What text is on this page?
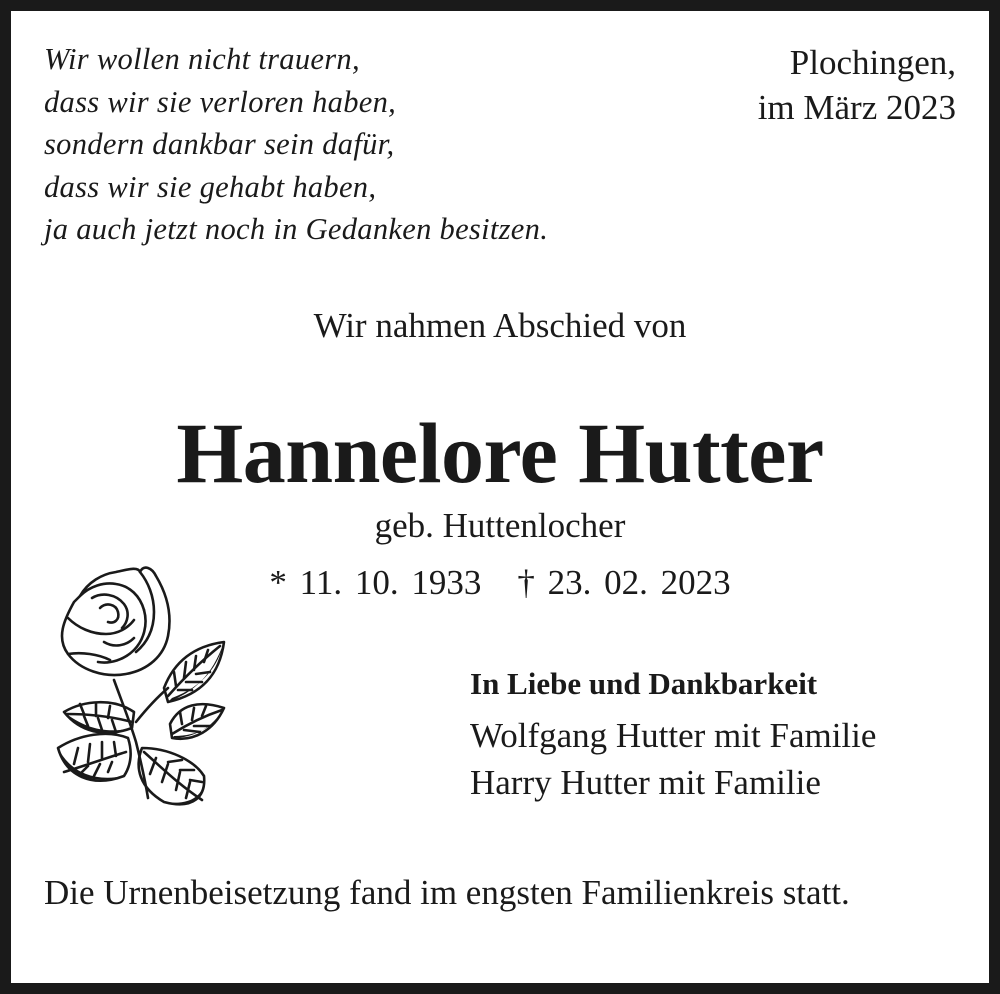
Wir wollen nicht trauern,
dass wir sie verloren haben,
sondern dankbar sein dafür,
dass wir sie gehabt haben,
ja auch jetzt noch in Gedanken besitzen.
Plochingen,
im März 2023
Wir nahmen Abschied von
Hannelore Hutter
geb. Huttenlocher
* 11. 10. 1933 † 23. 02. 2023
In Liebe und Dankbarkeit
Wolfgang Hutter mit Familie
Harry Hutter mit Familie
Die Urnenbeisetzung fand im engsten Familienkreis statt.
